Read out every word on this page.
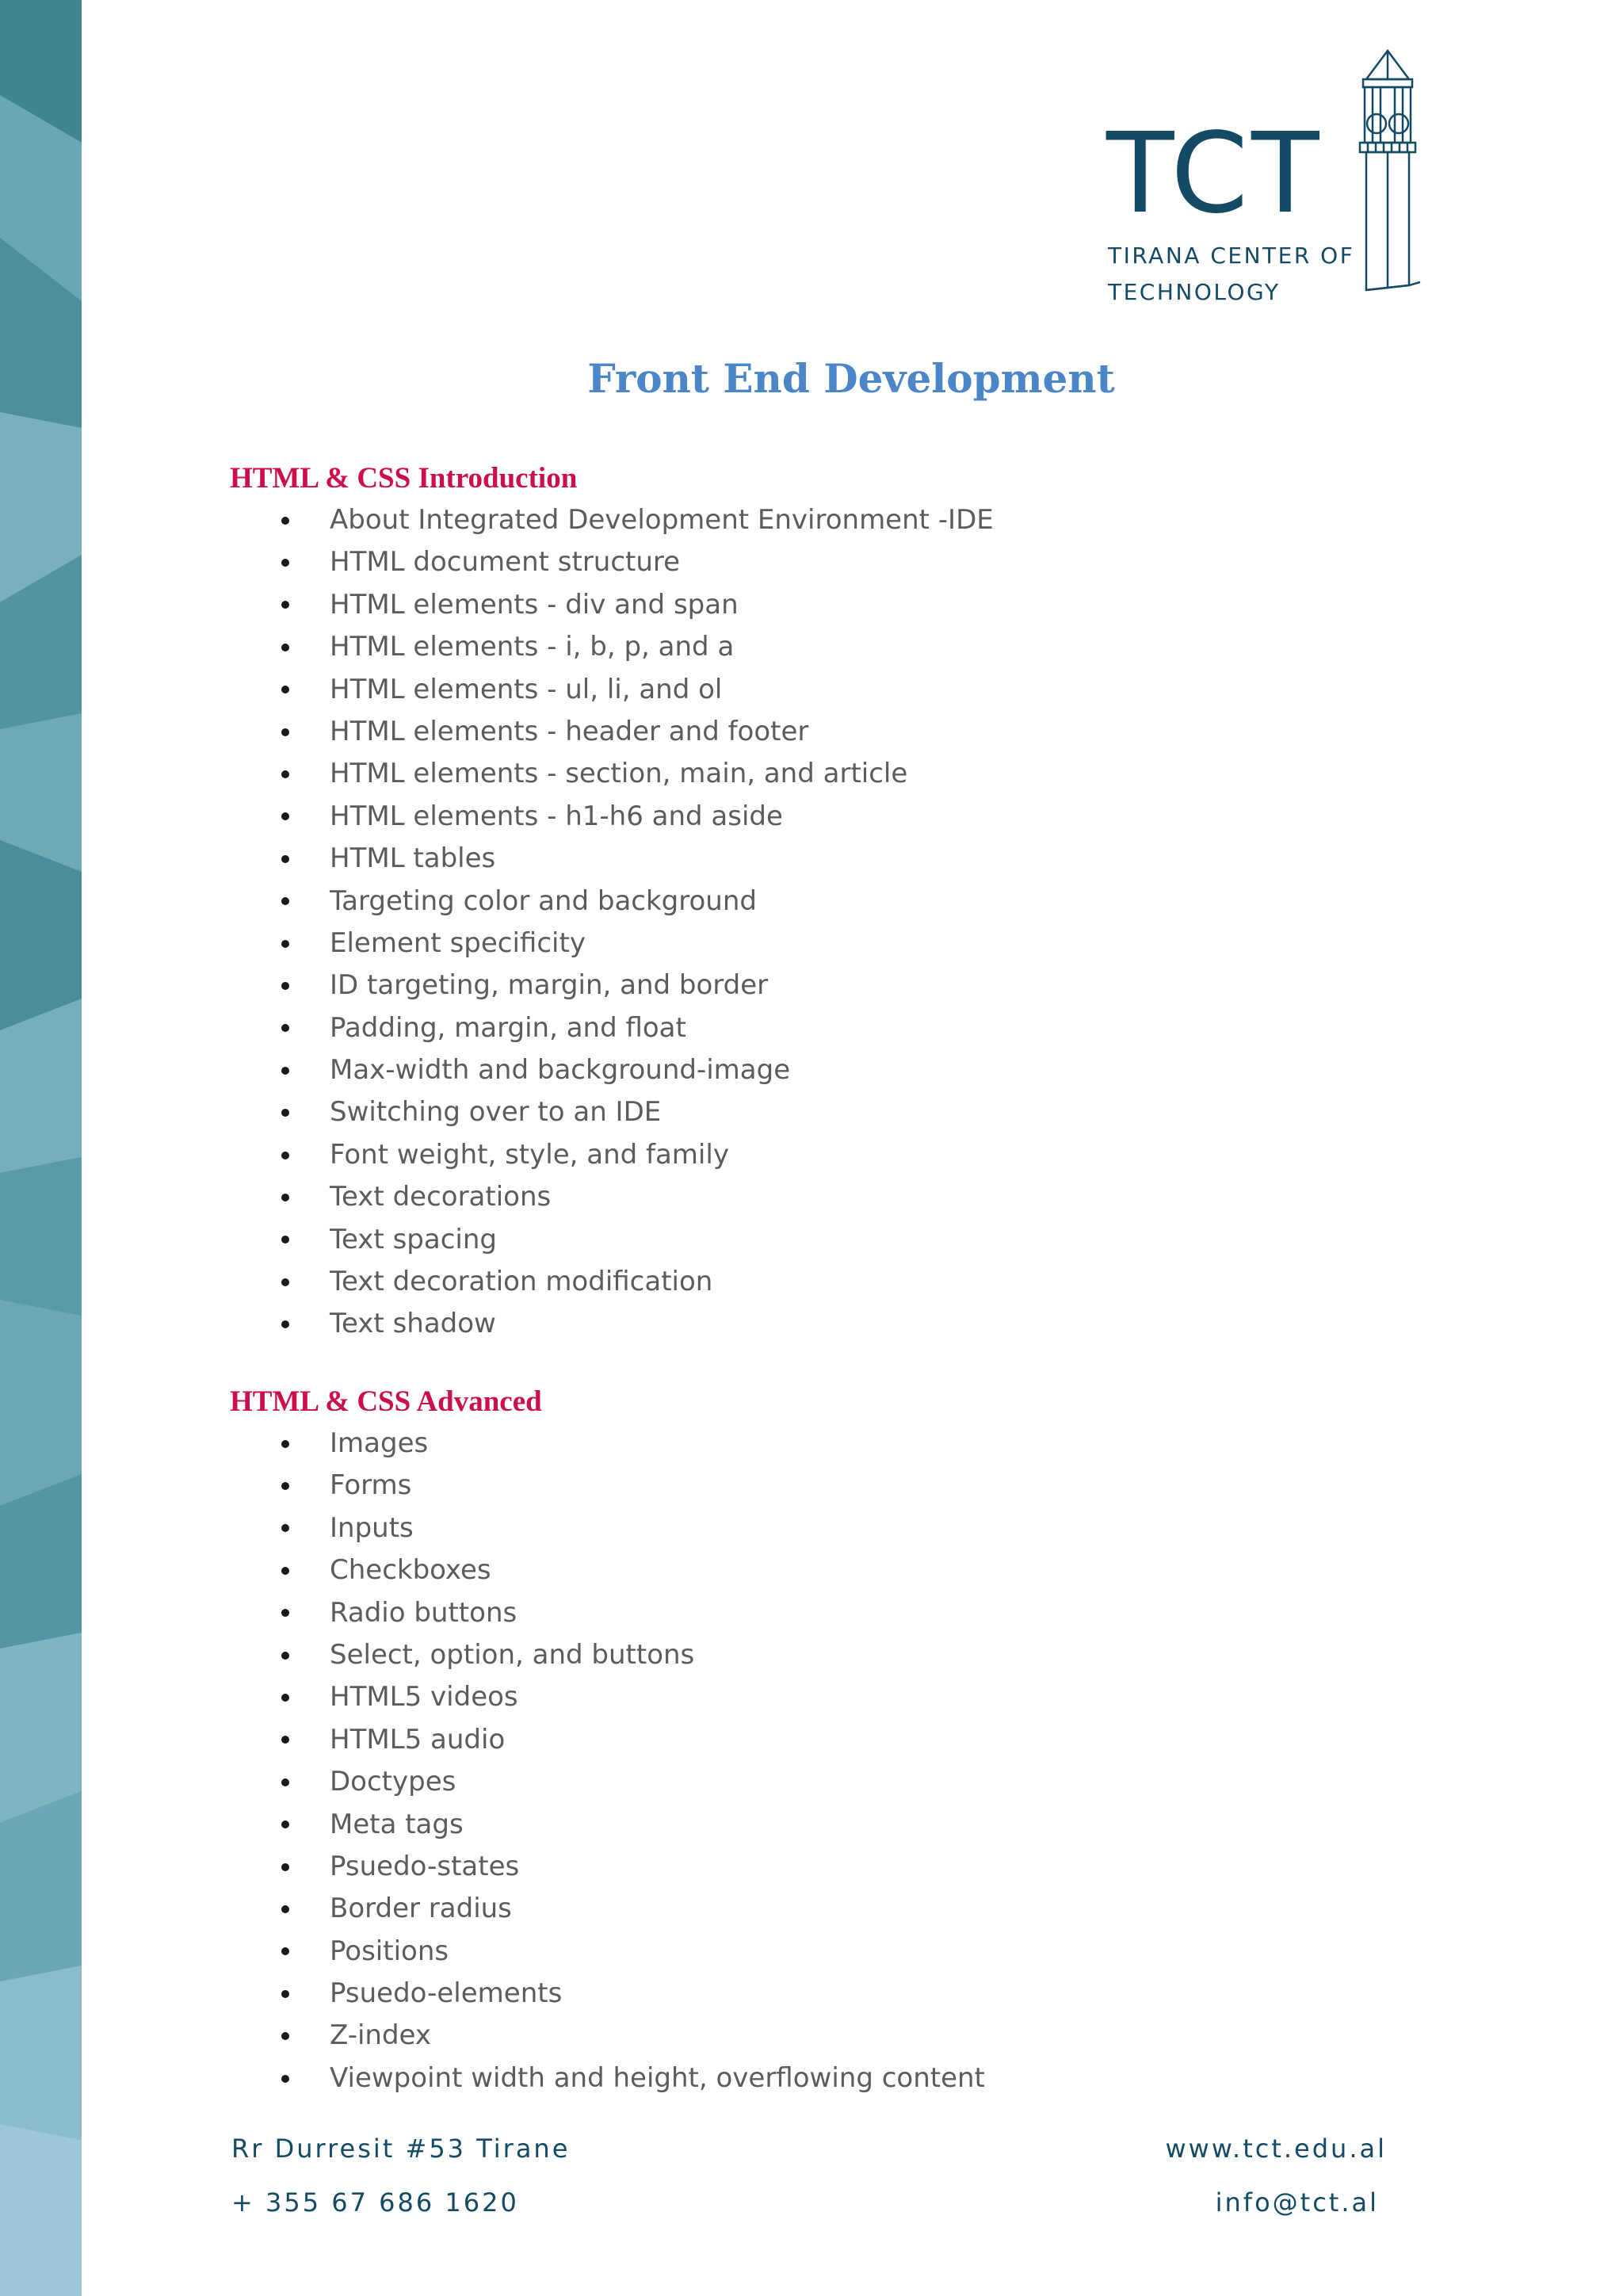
TCT
TIRANA CENTER OF
TECHNOLOGY
Front End Development
HTML & CSS Introduction
About Integrated Development Environment -IDE
HTML document structure
HTML elements - div and span
HTML elements - i, b, p, and a
HTML elements - ul, li, and ol
HTML elements - header and footer
HTML elements - section, main, and article
HTML elements - h1-h6 and aside
HTML tables
Targeting color and background
Element specificity
ID targeting, margin, and border
Padding, margin, and float
Max-width and background-image
Switching over to an IDE
Font weight, style, and family
Text decorations
Text spacing
Text decoration modification
Text shadow
HTML & CSS Advanced
Images
Forms
Inputs
Checkboxes
Radio buttons
Select, option, and buttons
HTML5 videos
HTML5 audio
Doctypes
Meta tags
Psuedo-states
Border radius
Positions
Psuedo-elements
Z-index
Viewpoint width and height, overflowing content
Rr Durresit #53 Tirane
+ 355 67 686 1620
www.tct.edu.al
info@tct.al
